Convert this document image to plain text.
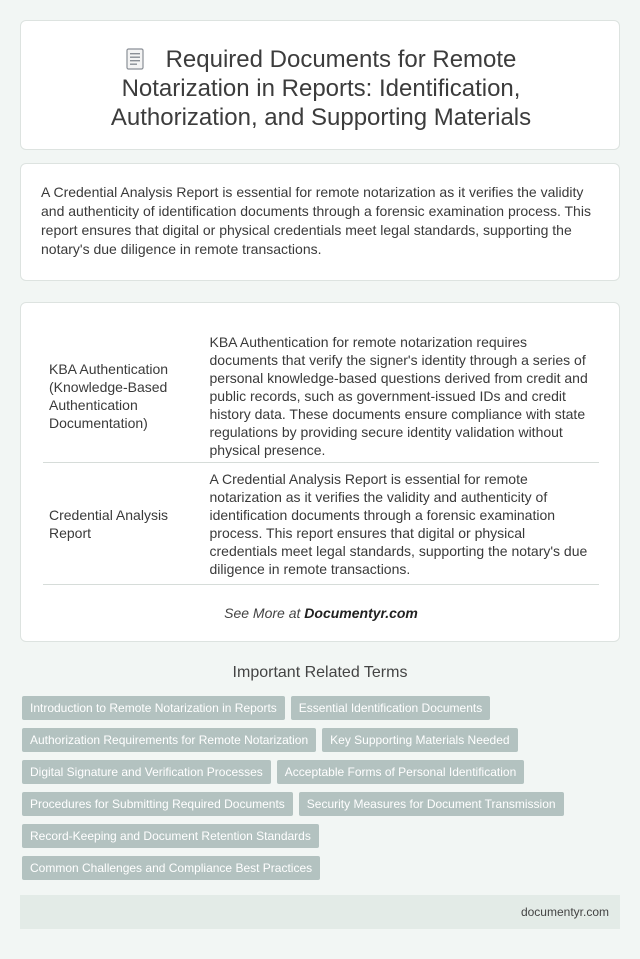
Required Documents for Remote Notarization in Reports: Identification, Authorization, and Supporting Materials

A Credential Analysis Report is essential for remote notarization as it verifies the validity and authenticity of identification documents through a forensic examination process. This report ensures that digital or physical credentials meet legal standards, supporting the notary's due diligence in remote transactions.

KBA Authentication (Knowledge-Based Authentication Documentation)	KBA Authentication for remote notarization requires documents that verify the signer's identity through a series of personal knowledge-based questions derived from credit and public records, such as government-issued IDs and credit history data. These documents ensure compliance with state regulations by providing secure identity validation without physical presence.
Credential Analysis Report	A Credential Analysis Report is essential for remote notarization as it verifies the validity and authenticity of identification documents through a forensic examination process. This report ensures that digital or physical credentials meet legal standards, supporting the notary's due diligence in remote transactions.
See More at Documentyr.com
Important Related Terms
Introduction to Remote Notarization in Reports	Essential Identification Documents
Authorization Requirements for Remote Notarization	Key Supporting Materials Needed
Digital Signature and Verification Processes	Acceptable Forms of Personal Identification
Procedures for Submitting Required Documents	Security Measures for Document Transmission
Record-Keeping and Document Retention Standards
Common Challenges and Compliance Best Practices
documentyr.com
